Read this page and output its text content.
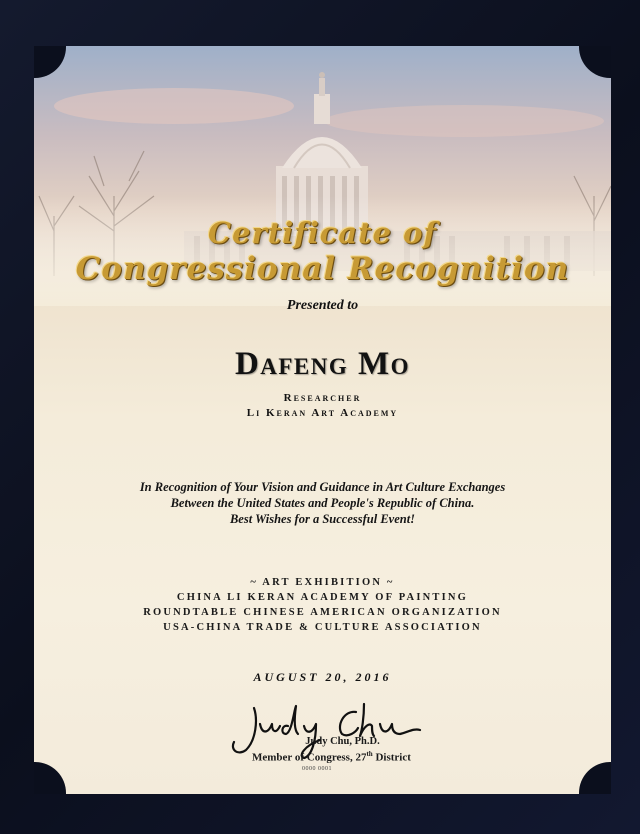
Certificate of
Congressional Recognition
Presented to
Dafeng Mo
Researcher
Li Keran Art Academy
In Recognition of Your Vision and Guidance in Art Culture Exchanges
Between the United States and People's Republic of China.
Best Wishes for a Successful Event!
~ ART EXHIBITION ~
CHINA LI KERAN ACADEMY OF PAINTING
ROUNDTABLE CHINESE AMERICAN ORGANIZATION
USA-CHINA TRADE & CULTURE ASSOCIATION
AUGUST 20, 2016
Judy Chu, Ph.D.
Member of Congress, 27th District
0000 0001
